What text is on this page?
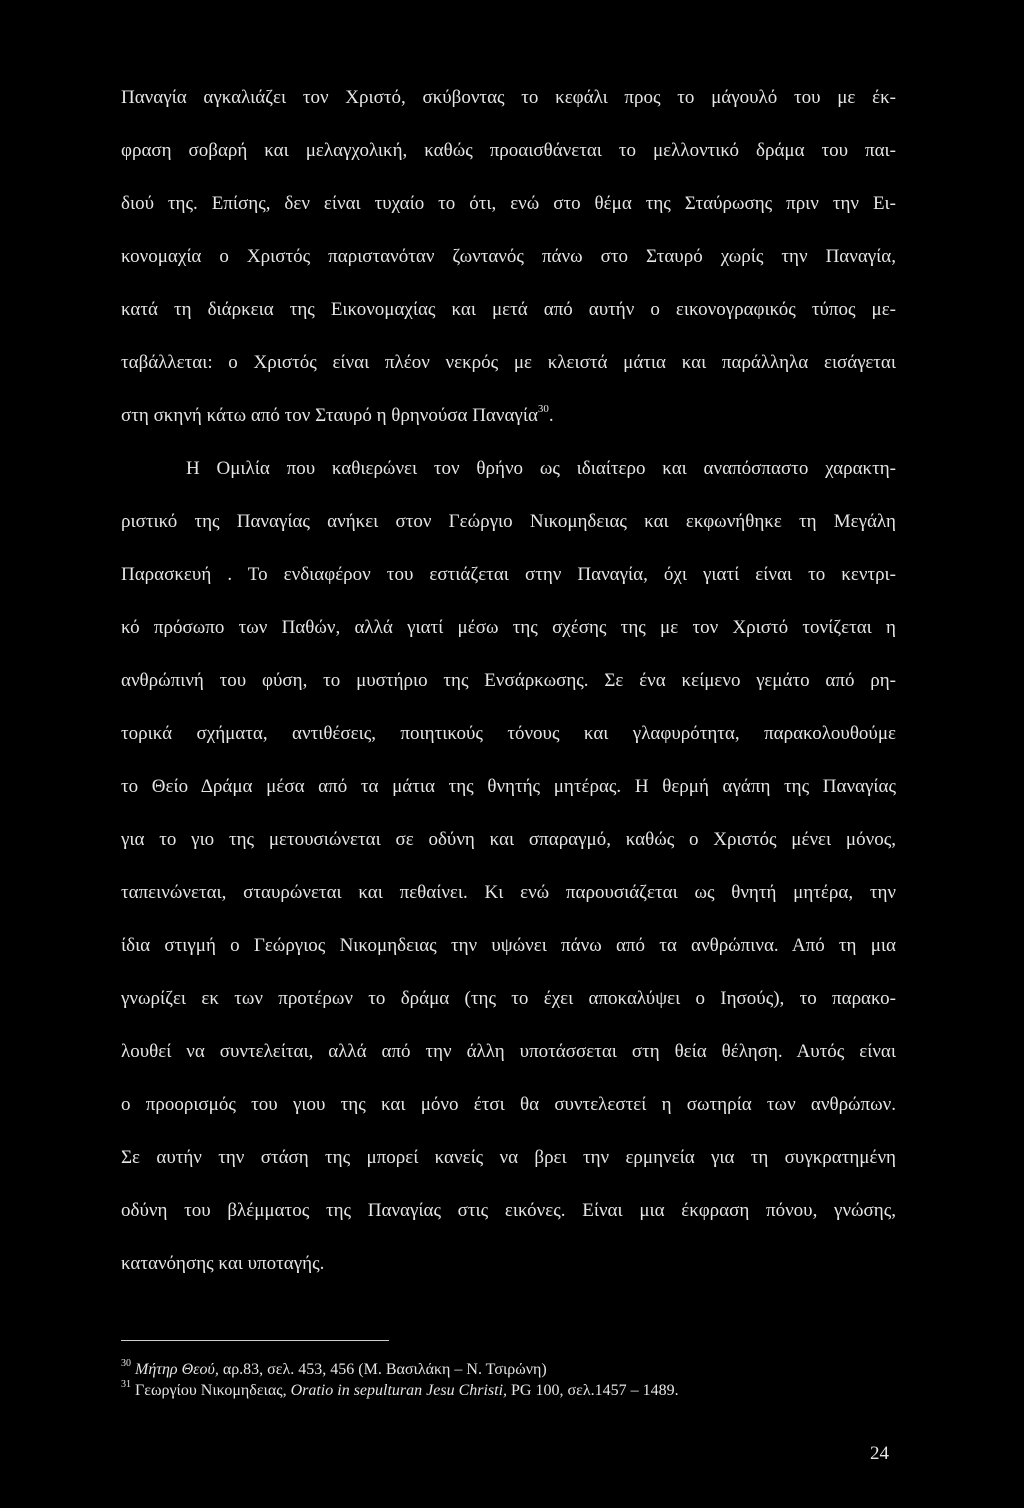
Παναγία αγκαλιάζει τον Χριστό, σκύβοντας το κεφάλι προς το μάγουλό του με έκ-
φραση σοβαρή και μελαγχολική, καθώς προαισθάνεται το μελλοντικό δράμα του παι-
διού της. Επίσης, δεν είναι τυχαίο το ότι, ενώ στο θέμα της Σταύρωσης πριν την Ει-
κονομαχία ο Χριστός παριστανόταν ζωντανός πάνω στο Σταυρό χωρίς την Παναγία,
κατά τη διάρκεια της Εικονομαχίας και μετά από αυτήν ο εικονογραφικός τύπος με-
ταβάλλεται: ο Χριστός είναι πλέον νεκρός με κλειστά μάτια και παράλληλα εισάγεται
στη σκηνή κάτω από τον Σταυρό η θρηνούσα Παναγία$^{30}$.
Η Ομιλία που καθιερώνει τον θρήνο ως ιδιαίτερο και αναπόσπαστο χαρακτη-
ριστικό της Παναγίας ανήκει στον Γεώργιο Νικομηδειας και εκφωνήθηκε τη Μεγάλη
Παρασκευή . Το ενδιαφέρον του εστιάζεται στην Παναγία, όχι γιατί είναι το κεντρι-
κό πρόσωπο των Παθών, αλλά γιατί μέσω της σχέσης της με τον Χριστό τονίζεται η
ανθρώπινή του φύση, το μυστήριο της Ενσάρκωσης. Σε ένα κείμενο γεμάτο από ρη-
τορικά σχήματα, αντιθέσεις, ποιητικούς τόνους και γλαφυρότητα, παρακολουθούμε
το Θείο Δράμα μέσα από τα μάτια της θνητής μητέρας. Η θερμή αγάπη της Παναγίας
για το γιο της μετουσιώνεται σε οδύνη και σπαραγμό, καθώς ο Χριστός μένει μόνος,
ταπεινώνεται, σταυρώνεται και πεθαίνει. Κι ενώ παρουσιάζεται ως θνητή μητέρα, την
ίδια στιγμή ο Γεώργιος Νικομηδειας την υψώνει πάνω από τα ανθρώπινα. Από τη μια
γνωρίζει εκ των προτέρων το δράμα (της το έχει αποκαλύψει ο Ιησούς), το παρακο-
λουθεί να συντελείται, αλλά από την άλλη υποτάσσεται στη θεία θέληση. Αυτός είναι
ο προορισμός του γιου της και μόνο έτσι θα συντελεστεί η σωτηρία των ανθρώπων.
Σε αυτήν την στάση της μπορεί κανείς να βρει την ερμηνεία για τη συγκρατημένη
οδύνη του βλέμματος της Παναγίας στις εικόνες. Είναι μια έκφραση πόνου, γνώσης,
κατανόησης και υποταγής.
$^{30}$ Μήτηρ Θεού, αρ.83, σελ. 453, 456 (Μ. Βασιλάκη – Ν. Τσιρώνη)
$^{31}$ Γεωργίου Νικομηδειας, Oratio in sepulturan Jesu Christi, PG 100, σελ.1457 – 1489.
24
